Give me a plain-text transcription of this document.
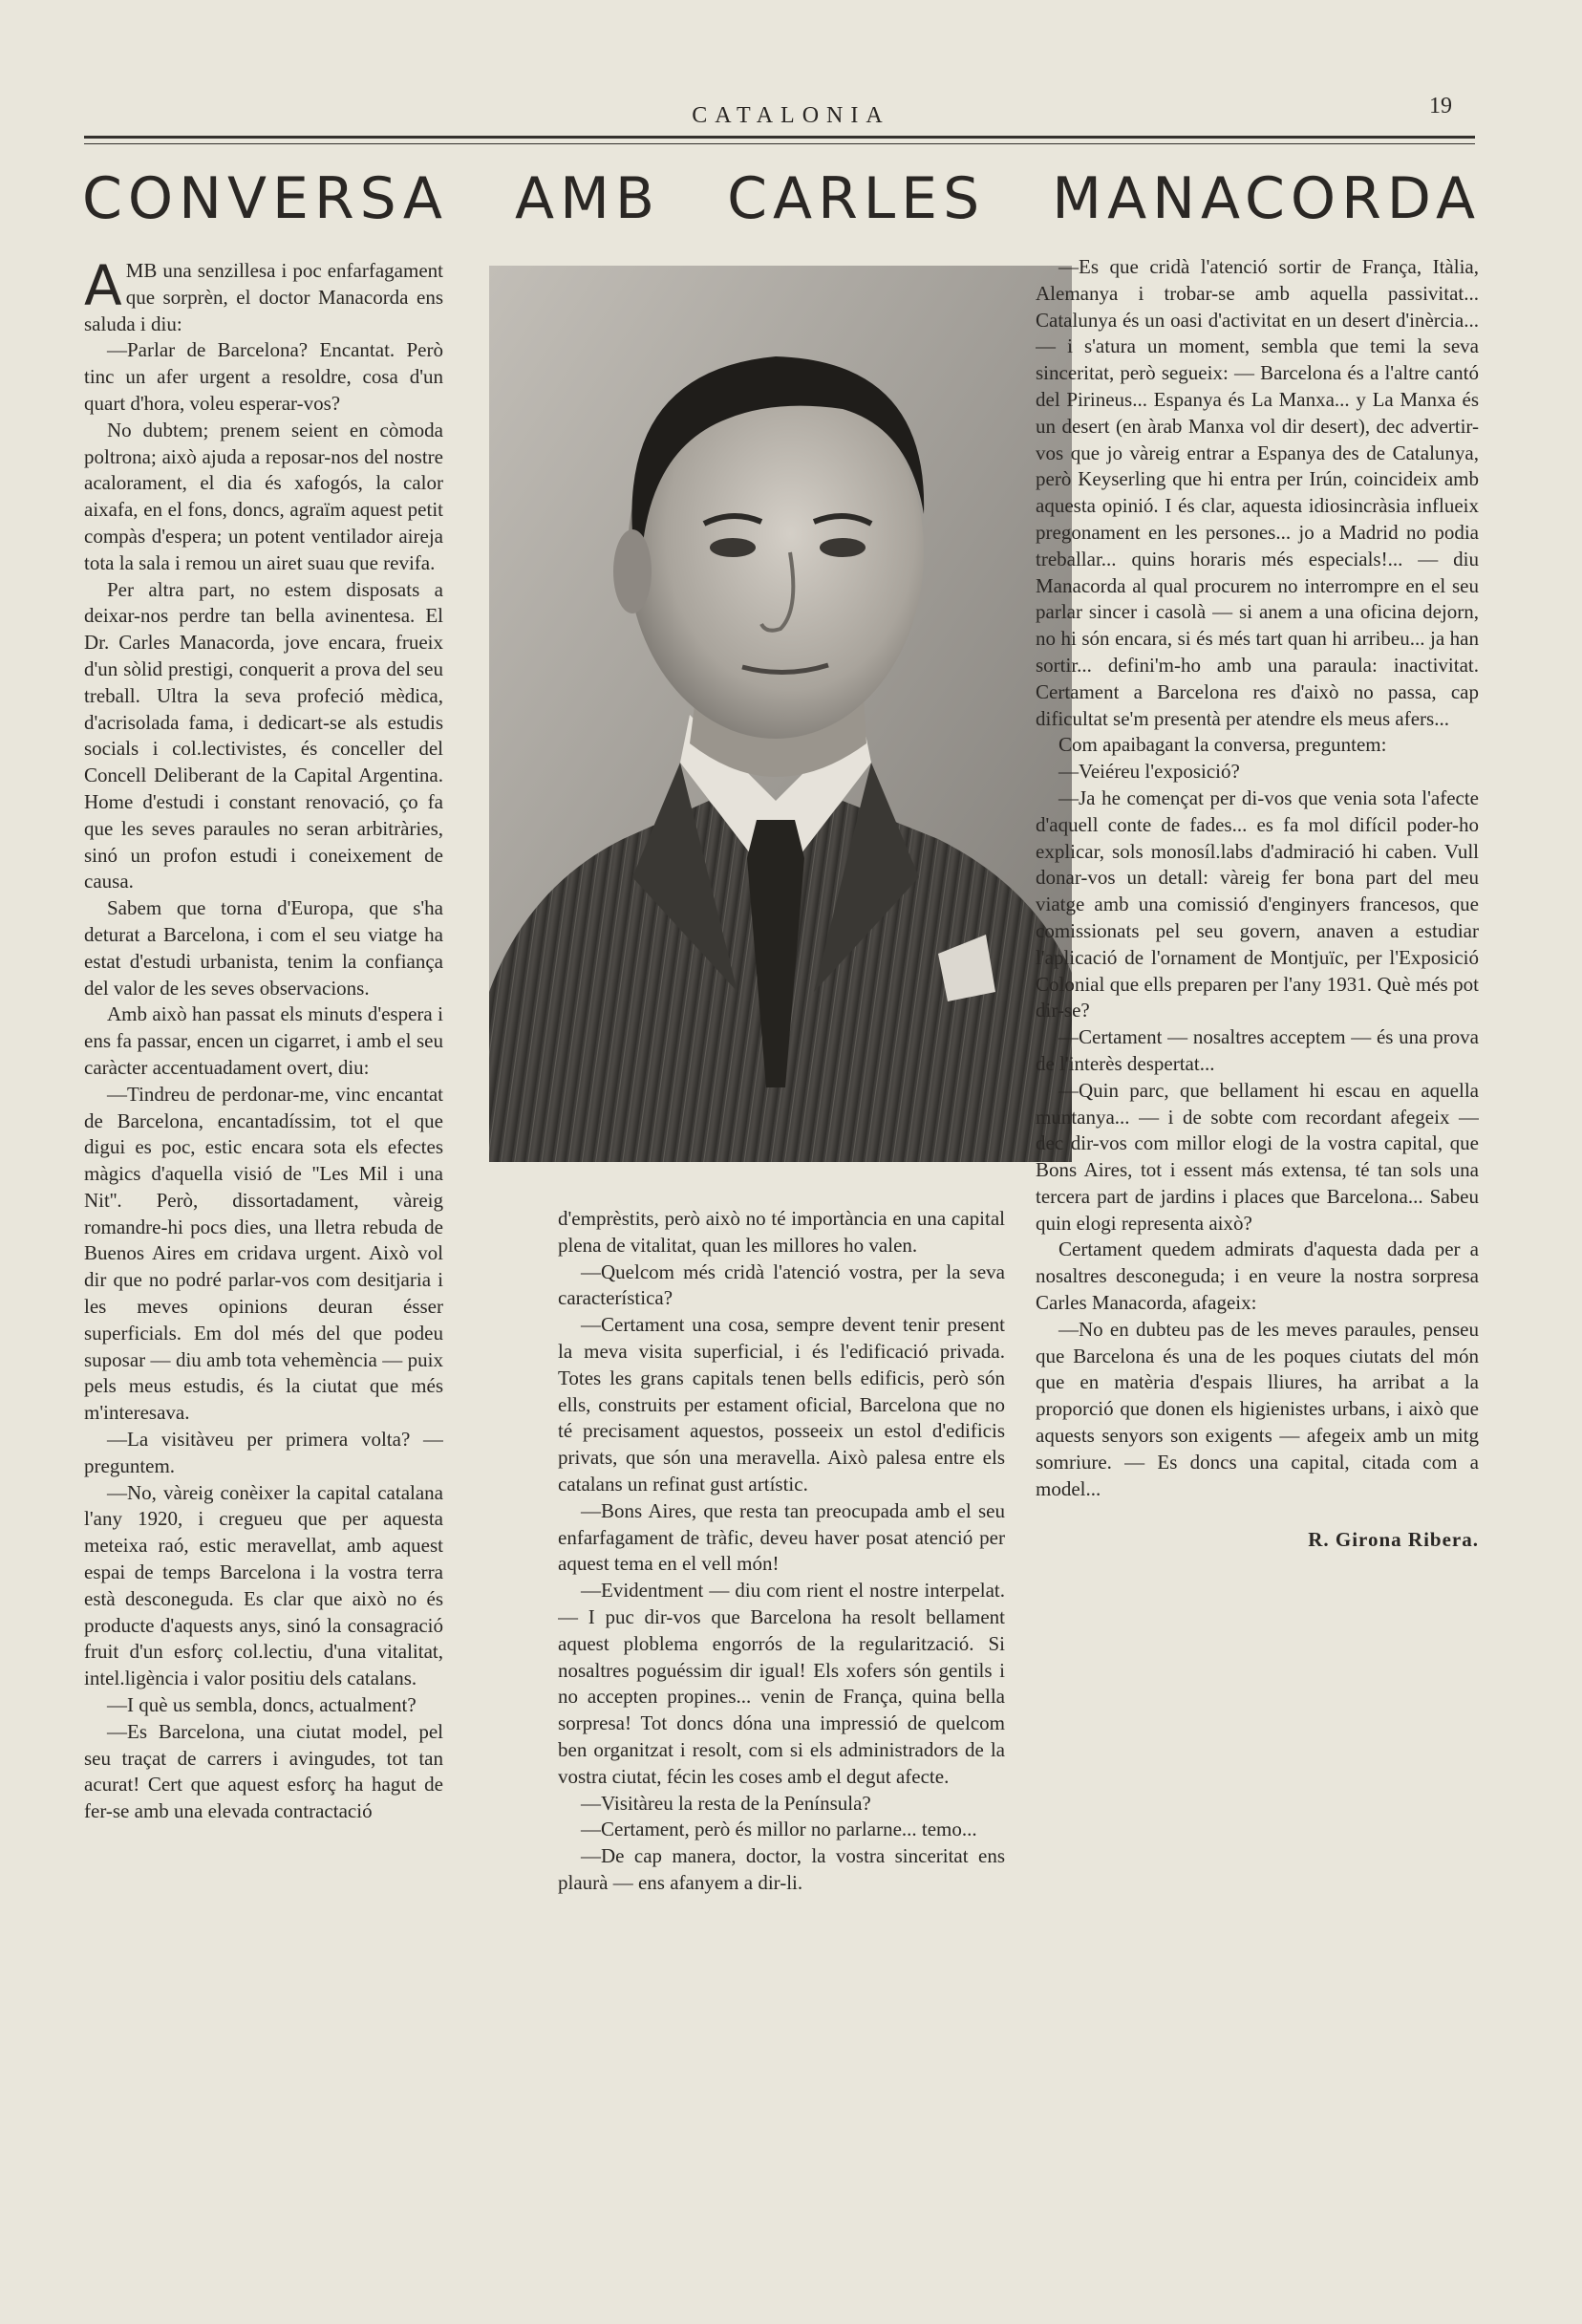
CATALONIA	19
CONVERSA AMB CARLES MANACORDA

AMB una senzillesa i poc enfarfagament que sorprèn, el doctor Manacorda ens saluda i diu:

—Parlar de Barcelona? Encantat. Però tinc un afer urgent a resoldre, cosa d'un quart d'hora, voleu esperar-vos?

No dubtem; prenem seient en còmoda poltrona; això ajuda a reposar-nos del nostre acalorament, el dia és xafogós, la calor aixafa, en el fons, doncs, agraïm aquest petit compàs d'espera; un potent ventilador aireja tota la sala i remou un airet suau que revifa.

Per altra part, no estem disposats a deixar-nos perdre tan bella avinentesa. El Dr. Carles Manacorda, jove encara, frueix d'un sòlid prestigi, conquerit a prova del seu treball. Ultra la seva profeció mèdica, d'acrisolada fama, i dedicart-se als estudis socials i col.lectivistes, és conceller del Concell Deliberant de la Capital Argentina. Home d'estudi i constant renovació, ço fa que les seves paraules no seran arbitràries, sinó un profon estudi i coneixement de causa.

Sabem que torna d'Europa, que s'ha deturat a Barcelona, i com el seu viatge ha estat d'estudi urbanista, tenim la confiança del valor de les seves observacions.

Amb això han passat els minuts d'espera i ens fa passar, encen un cigarret, i amb el seu caràcter accentuadament overt, diu:

—Tindreu de perdonar-me, vinc encantat de Barcelona, encantadíssim, tot el que digui es poc, estic encara sota els efectes màgics d'aquella visió de ''Les Mil i una Nit''. Però, dissortadament, vàreig romandre-hi pocs dies, una lletra rebuda de Buenos Aires em cridava urgent. Això vol dir que no podré parlar-vos com desitjaria i les meves opinions deuran ésser superficials. Em dol més del que podeu suposar — diu amb tota vehemència — puix pels meus estudis, és la ciutat que més m'interesava.

—La visitàveu per primera volta? — preguntem.

—No, vàreig conèixer la capital catalana l'any 1920, i cregueu que per aquesta meteixa raó, estic meravellat, amb aquest espai de temps Barcelona i la vostra terra està desconeguda. Es clar que això no és producte d'aquests anys, sinó la consagració fruit d'un esforç col.lectiu, d'una vitalitat, intel.ligència i valor positiu dels catalans.

—I què us sembla, doncs, actualment?

—Es Barcelona, una ciutat model, pel seu traçat de carrers i avingudes, tot tan acurat! Cert que aquest esforç ha hagut de fer-se amb una elevada contractació

d'emprèstits, però això no té importància en una capital plena de vitalitat, quan les millores ho valen.

—Quelcom més cridà l'atenció vostra, per la seva característica?

—Certament una cosa, sempre devent tenir present la meva visita superficial, i és l'edificació privada. Totes les grans capitals tenen bells edificis, però són ells, construits per estament oficial, Barcelona que no té precisament aquestos, posseeix un estol d'edificis privats, que són una meravella. Això palesa entre els catalans un refinat gust artístic.

—Bons Aires, que resta tan preocupada amb el seu enfarfagament de tràfic, deveu haver posat atenció per aquest tema en el vell món!

—Evidentment — diu com rient el nostre interpelat. — I puc dir-vos que Barcelona ha resolt bellament aquest ploblema engorrós de la regularització. Si nosaltres poguéssim dir igual! Els xofers són gentils i no accepten propines... venin de França, quina bella sorpresa! Tot doncs dóna una impressió de quelcom ben organitzat i resolt, com si els administradors de la vostra ciutat, fécin les coses amb el degut afecte.

—Visitàreu la resta de la Península?

—Certament, però és millor no parlarne... temo...

—De cap manera, doctor, la vostra sinceritat ens plaurà — ens afanyem a dir-li.

—Es que cridà l'atenció sortir de França, Itàlia, Alemanya i trobar-se amb aquella passivitat... Catalunya és un oasi d'activitat en un desert d'inèrcia... — i s'atura un moment, sembla que temi la seva sinceritat, però segueix: — Barcelona és a l'altre cantó del Pirineus... Espanya és La Manxa... y La Manxa és un desert (en àrab Manxa vol dir desert), dec advertir-vos que jo vàreig entrar a Espanya des de Catalunya, però Keyserling que hi entra per Irún, coincideix amb aquesta opinió. I és clar, aquesta idiosincràsia influeix pregonament en les persones... jo a Madrid no podia treballar... quins horaris més especials!... — diu Manacorda al qual procurem no interrompre en el seu parlar sincer i casolà — si anem a una oficina dejorn, no hi són encara, si és més tart quan hi arribeu... ja han sortir... defini'm-ho amb una paraula: inactivitat. Certament a Barcelona res d'això no passa, cap dificultat se'm presentà per atendre els meus afers...

Com apaibagant la conversa, preguntem:

—Veiéreu l'exposició?

—Ja he començat per di-vos que venia sota l'afecte d'aquell conte de fades... es fa mol difícil poder-ho explicar, sols monosíl.labs d'admiració hi caben. Vull donar-vos un detall: vàreig fer bona part del meu viatge amb una comissió d'enginyers francesos, que comissionats pel seu govern, anaven a estudiar l'aplicació de l'ornament de Montjuïc, per l'Exposició Colonial que ells preparen per l'any 1931. Què més pot dir-se?

—Certament — nosaltres acceptem — és una prova de l'interès despertat...

—Quin parc, que bellament hi escau en aquella muntanya... — i de sobte com recordant afegeix — dec dir-vos com millor elogi de la vostra capital, que Bons Aires, tot i essent más extensa, té tan sols una tercera part de jardins i places que Barcelona... Sabeu quin elogi representa això?

Certament quedem admirats d'aquesta dada per a nosaltres desconeguda; i en veure la nostra sorpresa Carles Manacorda, afageix:

—No en dubteu pas de les meves paraules, penseu que Barcelona és una de les poques ciutats del món que en matèria d'espais lliures, ha arribat a la proporció que donen els higienistes urbans, i això que aquests senyors son exigents — afegeix amb un mitg somriure. — Es doncs una capital, citada com a model...

R. Girona Ribera.
